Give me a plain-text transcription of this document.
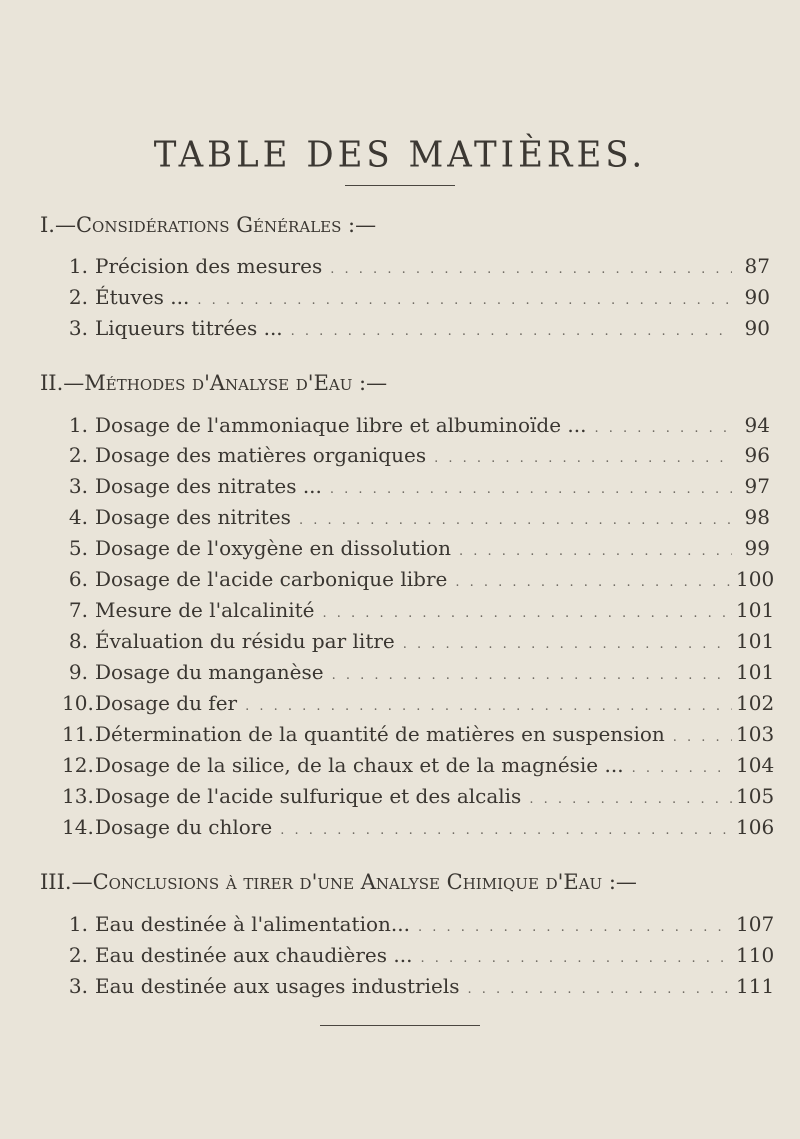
TABLE DES MATIÈRES.
I.—Considérations Générales :—
1. Précision des mesures . . .	87
2. Étuves ... . . .	90
3. Liqueurs titrées ... . . .	90
II.—Méthodes d'Analyse d'Eau :—
1. Dosage de l'ammoniaque libre et albuminoïde ... . . .	94
2. Dosage des matières organiques . . .	96
3. Dosage des nitrates ... . . .	97
4. Dosage des nitrites . . .	98
5. Dosage de l'oxygène en dissolution . . .	99
6. Dosage de l'acide carbonique libre . . .	100
7. Mesure de l'alcalinité . . .	101
8. Évaluation du résidu par litre . . .	101
9. Dosage du manganèse . . .	101
10. Dosage du fer . . .	102
11. Détermination de la quantité de matières en suspension . . .	103
12. Dosage de la silice, de la chaux et de la magnésie ... . . .	104
13. Dosage de l'acide sulfurique et des alcalis . . .	105
14. Dosage du chlore . . .	106
III.—Conclusions à tirer d'une Analyse Chimique d'Eau :—
1. Eau destinée à l'alimentation... . . .	107
2. Eau destinée aux chaudières ... . . .	110
3. Eau destinée aux usages industriels . . .	111
